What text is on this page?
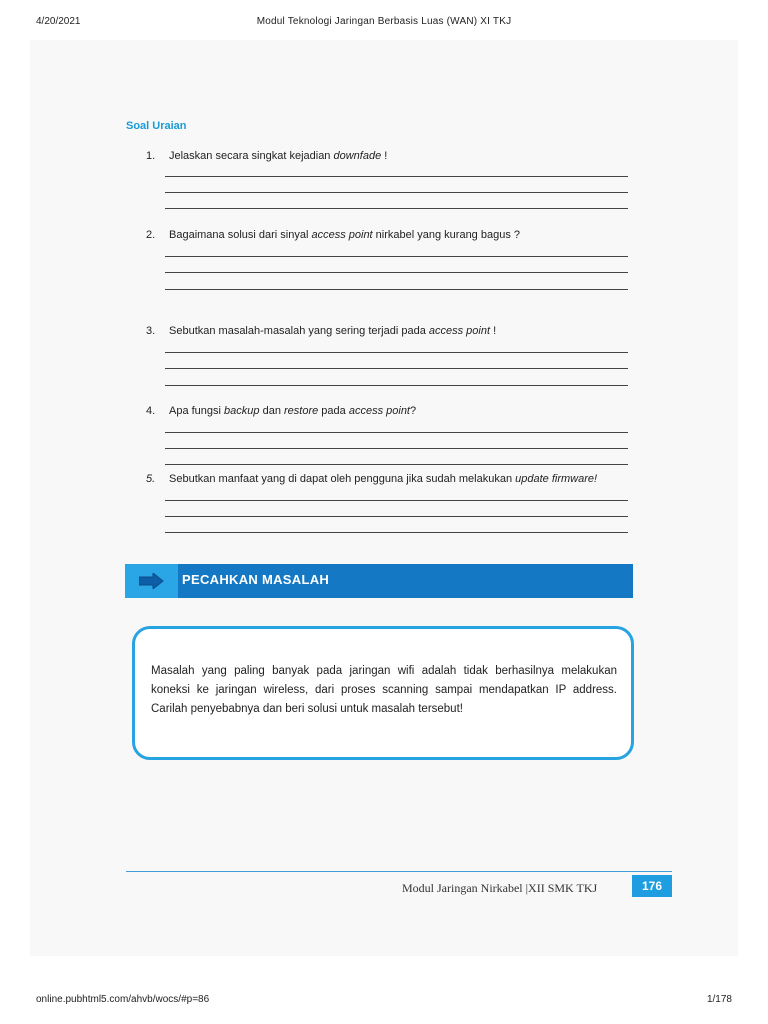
4/20/2021	Modul Teknologi Jaringan Berbasis Luas (WAN) XI TKJ
Soal Uraian
1.	Jelaskan secara singkat kejadian downfade !
2.	Bagaimana solusi dari sinyal access point nirkabel yang kurang bagus ?
3.	Sebutkan masalah-masalah yang sering terjadi pada access point !
4.	Apa fungsi backup dan restore pada access point?
5.	Sebutkan manfaat yang di dapat oleh pengguna jika sudah melakukan update firmware!
PECAHKAN MASALAH
Masalah yang paling banyak pada jaringan wifi adalah tidak berhasilnya melakukan koneksi ke jaringan wireless, dari proses scanning sampai mendapatkan IP address. Carilah penyebabnya dan beri solusi untuk masalah tersebut!
Modul Jaringan Nirkabel |XII SMK TKJ	176
online.pubhtml5.com/ahvb/wocs/#p=86	1/178
